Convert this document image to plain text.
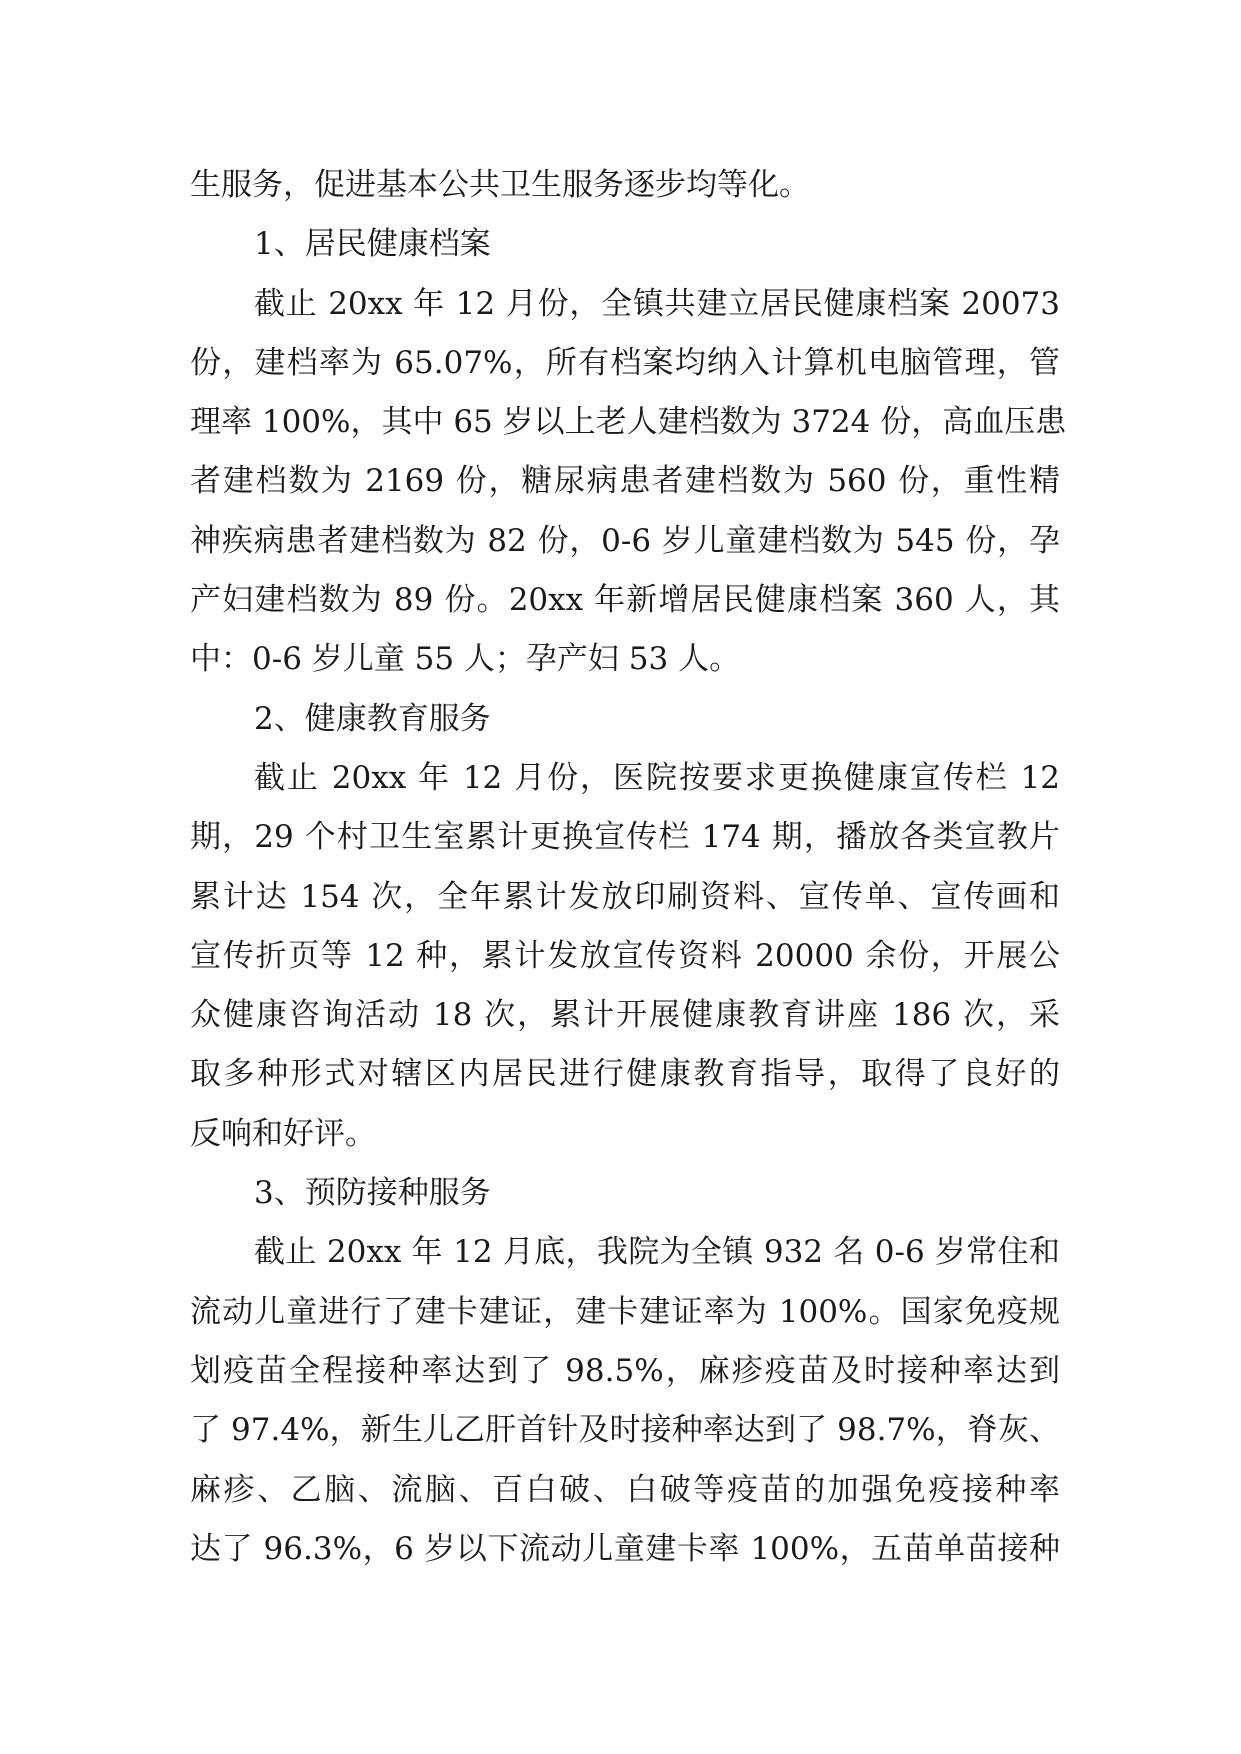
生服务，促进基本公共卫生服务逐步均等化。
1、居民健康档案
截止 20xx 年 12 月份，全镇共建立居民健康档案 20073
份，建档率为 65.07%，所有档案均纳入计算机电脑管理，管
理率 100%，其中 65 岁以上老人建档数为 3724 份，高血压患
者建档数为 2169 份，糖尿病患者建档数为 560 份，重性精
神疾病患者建档数为 82 份，0-6 岁儿童建档数为 545 份，孕
产妇建档数为 89 份。20xx 年新增居民健康档案 360 人，其
中：0-6 岁儿童 55 人；孕产妇 53 人。
2、健康教育服务
截止 20xx 年 12 月份，医院按要求更换健康宣传栏 12
期，29 个村卫生室累计更换宣传栏 174 期，播放各类宣教片
累计达 154 次，全年累计发放印刷资料、宣传单、宣传画和
宣传折页等 12 种，累计发放宣传资料 20000 余份，开展公
众健康咨询活动 18 次，累计开展健康教育讲座 186 次，采
取多种形式对辖区内居民进行健康教育指导，取得了良好的
反响和好评。
3、预防接种服务
截止 20xx 年 12 月底，我院为全镇 932 名 0-6 岁常住和
流动儿童进行了建卡建证，建卡建证率为 100%。国家免疫规
划疫苗全程接种率达到了 98.5%，麻疹疫苗及时接种率达到
了 97.4%，新生儿乙肝首针及时接种率达到了 98.7%，脊灰、
麻疹、乙脑、流脑、百白破、白破等疫苗的加强免疫接种率
达了 96.3%，6 岁以下流动儿童建卡率 100%，五苗单苗接种
